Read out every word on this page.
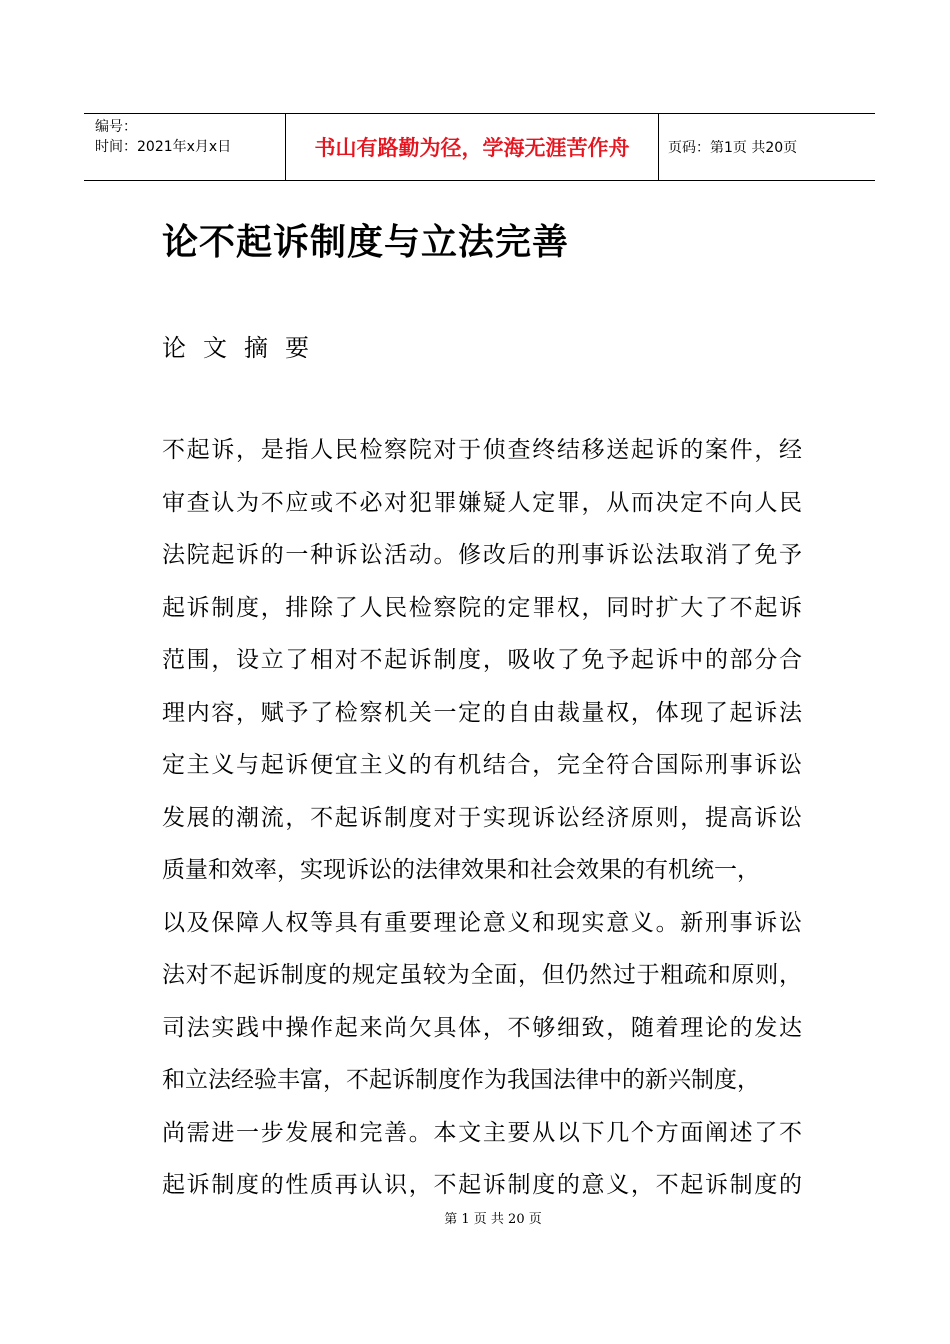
编号：
时间：2021年x月x日	书山有路勤为径，学海无涯苦作舟	页码：第1页 共20页
论不起诉制度与立法完善
论文摘要
不起诉，是指人民检察院对于侦查终结移送起诉的案件，经
审查认为不应或不必对犯罪嫌疑人定罪，从而决定不向人民
法院起诉的一种诉讼活动。修改后的刑事诉讼法取消了免予
起诉制度，排除了人民检察院的定罪权，同时扩大了不起诉
范围，设立了相对不起诉制度，吸收了免予起诉中的部分合
理内容，赋予了检察机关一定的自由裁量权，体现了起诉法
定主义与起诉便宜主义的有机结合，完全符合国际刑事诉讼
发展的潮流，不起诉制度对于实现诉讼经济原则，提高诉讼
质量和效率，实现诉讼的法律效果和社会效果的有机统一，
以及保障人权等具有重要理论意义和现实意义。新刑事诉讼
法对不起诉制度的规定虽较为全面，但仍然过于粗疏和原则，
司法实践中操作起来尚欠具体，不够细致，随着理论的发达
和立法经验丰富，不起诉制度作为我国法律中的新兴制度，
尚需进一步发展和完善。本文主要从以下几个方面阐述了不
起诉制度的性质再认识，不起诉制度的意义，不起诉制度的
第 1 页 共 20 页
